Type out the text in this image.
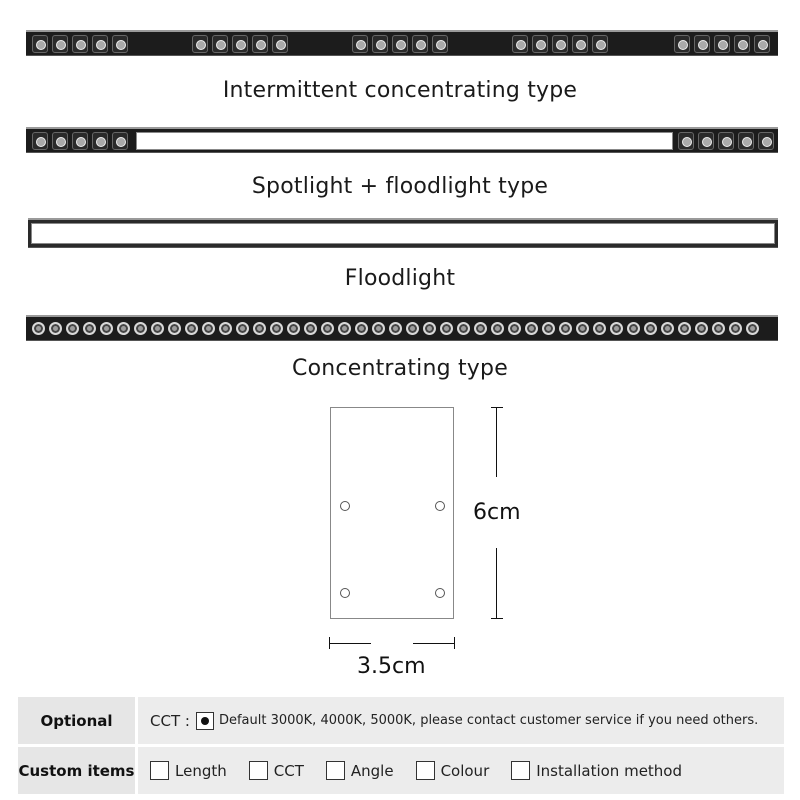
Intermittent concentrating type
Spotlight + floodlight type
Floodlight
Concentrating type
6cm
3.5cm
Optional	CCT : Default 3000K, 4000K, 5000K, please contact customer service if you need others.
Custom items	Length	CCT	Angle	Colour	Installation method
